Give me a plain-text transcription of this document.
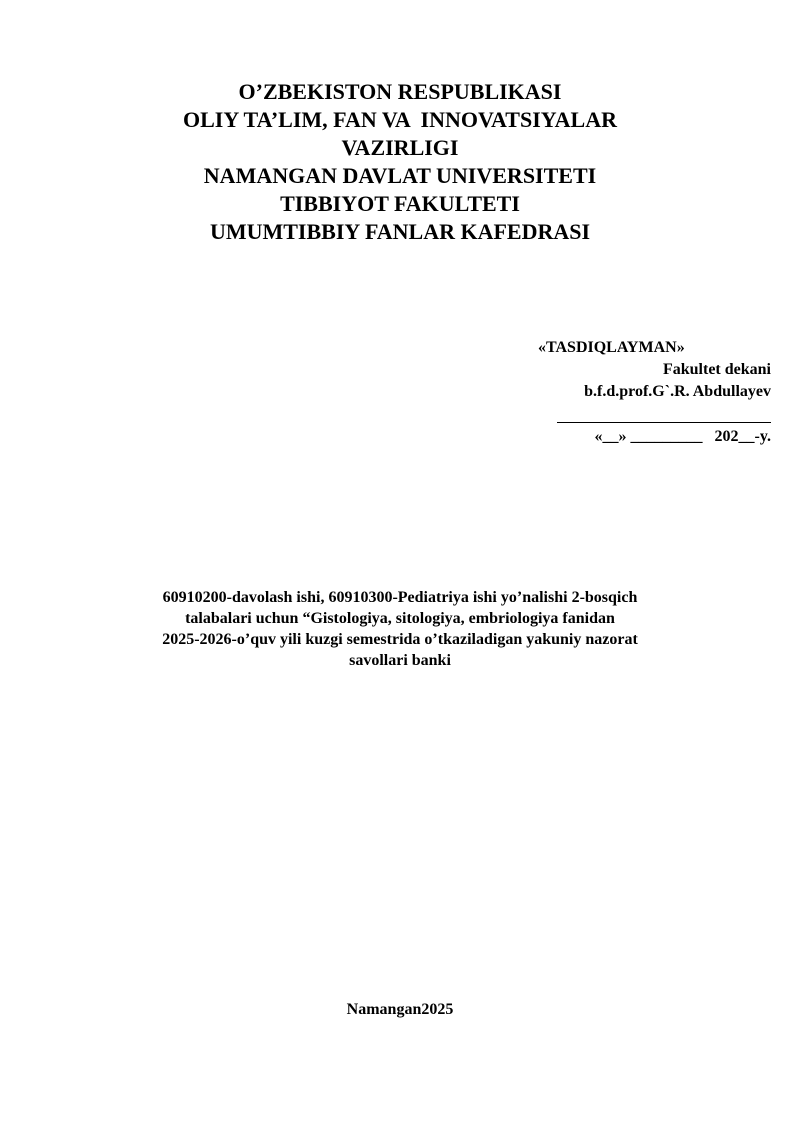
O’ZBEKISTON RESPUBLIKASI
OLIY TA’LIM, FAN VA  INNOVATSIYALAR
VAZIRLIGI
NAMANGAN DAVLAT UNIVERSITETI
TIBBIYOT FAKULTETI
UMUMTIBBIY FANLAR KAFEDRASI
«TASDIQLAYMAN»
Fakultet dekani
b.f.d.prof.G`.R. Abdullayev
«__» _________   202__-y.
60910200-davolash ishi, 60910300-Pediatriya ishi yo’nalishi 2-bosqich
talabalari uchun “Gistologiya, sitologiya, embriologiya fanidan
2025-2026-o’quv yili kuzgi semestrida o’tkaziladigan yakuniy nazorat
savollari banki
Namangan2025
